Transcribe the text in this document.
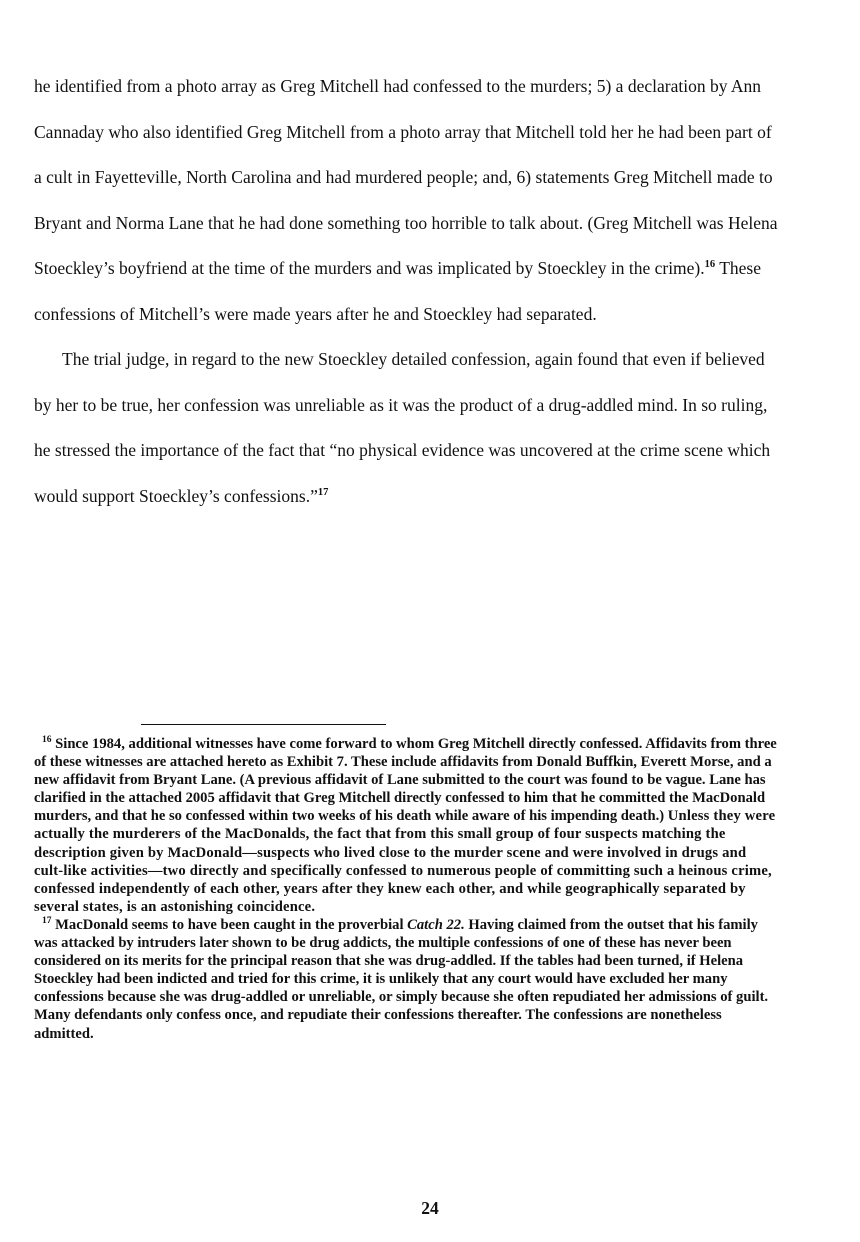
he identified from a photo array as Greg Mitchell had confessed to the murders; 5) a declaration by Ann Cannaday who also identified Greg Mitchell from a photo array that Mitchell told her he had been part of a cult in Fayetteville, North Carolina and had murdered people; and, 6) statements Greg Mitchell made to Bryant and Norma Lane that he had done something too horrible to talk about. (Greg Mitchell was Helena Stoeckley’s boyfriend at the time of the murders and was implicated by Stoeckley in the crime).$^{16}$ These confessions of Mitchell’s were made years after he and Stoeckley had separated.

The trial judge, in regard to the new Stoeckley detailed confession, again found that even if believed by her to be true, her confession was unreliable as it was the product of a drug-addled mind. In so ruling, he stressed the importance of the fact that “no physical evidence was uncovered at the crime scene which would support Stoeckley’s confessions.”$^{17}$

$^{16}$ Since 1984, additional witnesses have come forward to whom Greg Mitchell directly confessed. Affidavits from three of these witnesses are attached hereto as Exhibit 7. These include affidavits from Donald Buffkin, Everett Morse, and a new affidavit from Bryant Lane. (A previous affidavit of Lane submitted to the court was found to be vague. Lane has clarified in the attached 2005 affidavit that Greg Mitchell directly confessed to him that he committed the MacDonald murders, and that he so confessed within two weeks of his death while aware of his impending death.) Unless they were actually the murderers of the MacDonalds, the fact that from this small group of four suspects matching the description given by MacDonald—suspects who lived close to the murder scene and were involved in drugs and cult-like activities—two directly and specifically confessed to numerous people of committing such a heinous crime, confessed independently of each other, years after they knew each other, and while geographically separated by several states, is an astonishing coincidence.

$^{17}$ MacDonald seems to have been caught in the proverbial Catch 22. Having claimed from the outset that his family was attacked by intruders later shown to be drug addicts, the multiple confessions of one of these has never been considered on its merits for the principal reason that she was drug-addled. If the tables had been turned, if Helena Stoeckley had been indicted and tried for this crime, it is unlikely that any court would have excluded her many confessions because she was drug-addled or unreliable, or simply because she often repudiated her admissions of guilt. Many defendants only confess once, and repudiate their confessions thereafter. The confessions are nonetheless admitted.

24
